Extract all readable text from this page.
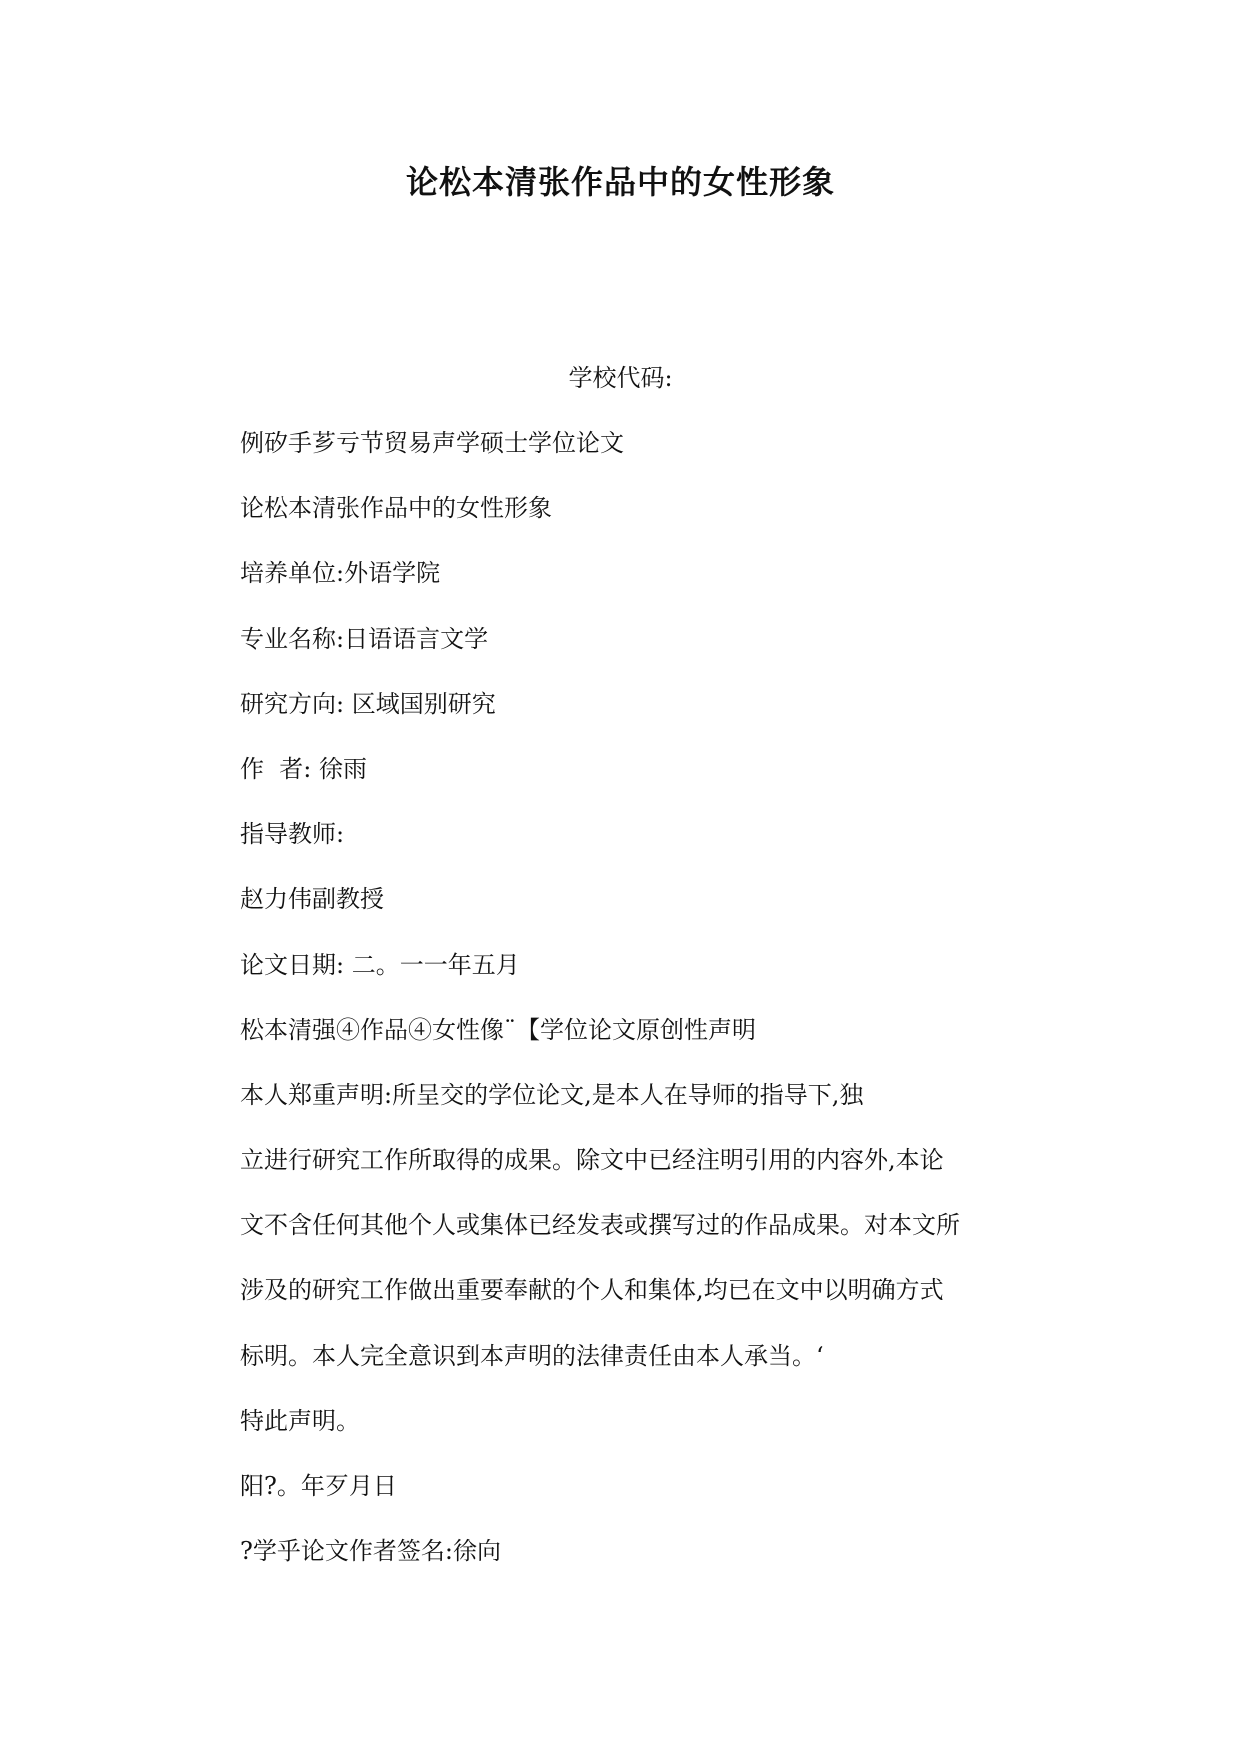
论松本清张作品中的女性形象
学校代码:
例矽手芗亏节贸易声学硕士学位论文
论松本清张作品中的女性形象
培养单位:外语学院
专业名称:日语语言文学
研究方向: 区域国别研究
作  者: 徐雨
指导教师:
赵力伟副教授
论文日期: 二。一一年五月
松本清强④作品④女性像¨【学位论文原创性声明
本人郑重声明:所呈交的学位论文,是本人在导师的指导下,独
立进行研究工作所取得的成果。除文中已经注明引用的内容外,本论
文不含任何其他个人或集体已经发表或撰写过的作品成果。对本文所
涉及的研究工作做出重要奉献的个人和集体,均已在文中以明确方式
标明。本人完全意识到本声明的法律责任由本人承当。‘
特此声明。
阳?。年歹月日
?学乎论文作者签名:徐向
